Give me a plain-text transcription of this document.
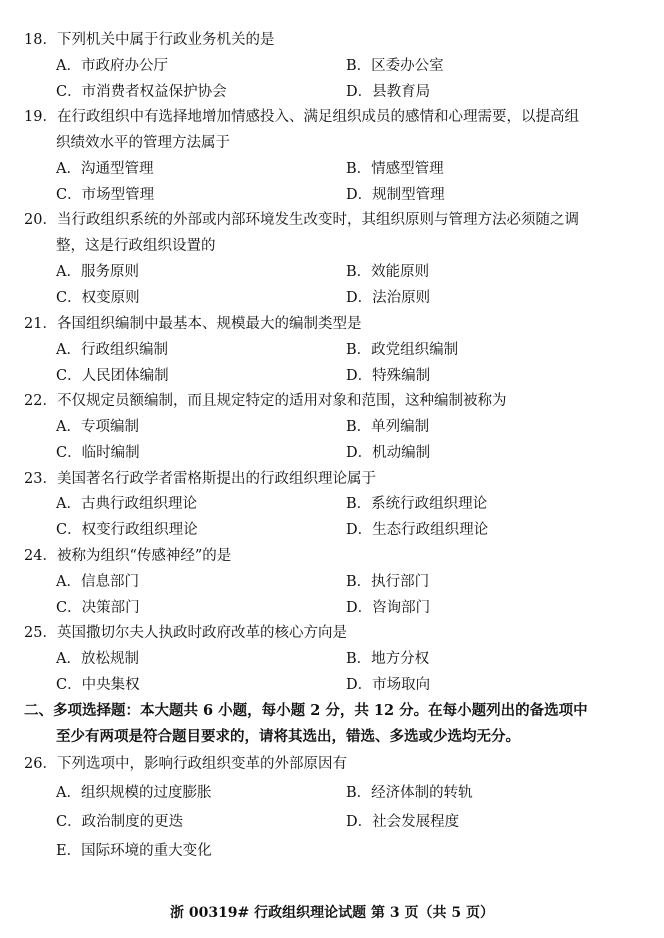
18．下列机关中属于行政业务机关的是
A．市政府办公厅	B．区委办公室
C．市消费者权益保护协会	D．县教育局
19．在行政组织中有选择地增加情感投入、满足组织成员的感情和心理需要，以提高组
织绩效水平的管理方法属于
A．沟通型管理	B．情感型管理
C．市场型管理	D．规制型管理
20．当行政组织系统的外部或内部环境发生改变时，其组织原则与管理方法必须随之调
整，这是行政组织设置的
A．服务原则	B．效能原则
C．权变原则	D．法治原则
21．各国组织编制中最基本、规模最大的编制类型是
A．行政组织编制	B．政党组织编制
C．人民团体编制	D．特殊编制
22．不仅规定员额编制，而且规定特定的适用对象和范围，这种编制被称为
A．专项编制	B．单列编制
C．临时编制	D．机动编制
23．美国著名行政学者雷格斯提出的行政组织理论属于
A．古典行政组织理论	B．系统行政组织理论
C．权变行政组织理论	D．生态行政组织理论
24．被称为组织“传感神经”的是
A．信息部门	B．执行部门
C．决策部门	D．咨询部门
25．英国撒切尔夫人执政时政府改革的核心方向是
A．放松规制	B．地方分权
C．中央集权	D．市场取向
二、多项选择题：本大题共 6 小题，每小题 2 分，共 12 分。在每小题列出的备选项中
至少有两项是符合题目要求的，请将其选出，错选、多选或少选均无分。
26．下列选项中，影响行政组织变革的外部原因有
A．组织规模的过度膨胀	B．经济体制的转轨
C．政治制度的更迭	D．社会发展程度
E．国际环境的重大变化
浙 00319# 行政组织理论试题 第 3 页（共 5 页）
